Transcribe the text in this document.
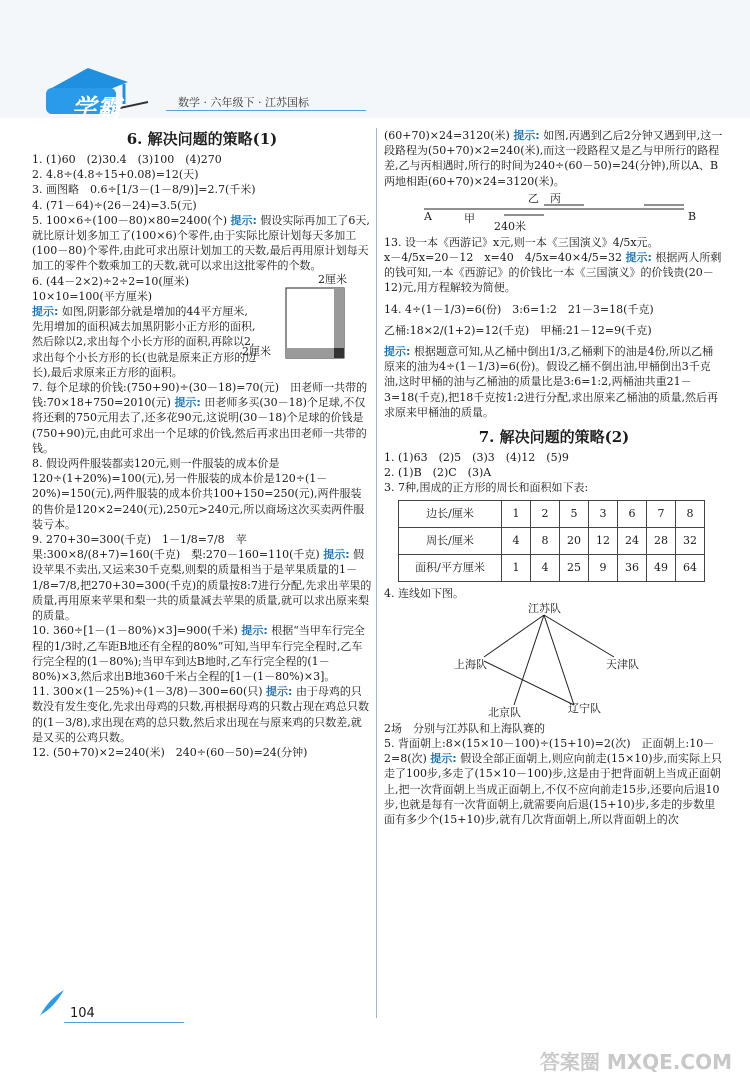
学霸	数学 · 六年级下 · 江苏国标
6. 解决问题的策略(1)
1. (1)60　(2)30.4　(3)100　(4)270
2. 4.8÷(4.8÷15+0.08)=12(天)
3. 画图略　0.6÷[1/3－(1－8/9)]=2.7(千米)
4. (71－64)÷(26－24)=3.5(元)
5. 100×6÷(100－80)×80=2400(个) 提示: 假设实际再加工了6天,就比原计划多加工了(100×6)个零件,由于实际比原计划每天多加工(100－80)个零件,由此可求出原计划加工的天数,最后再用原计划每天加工的零件个数乘加工的天数,就可以求出这批零件的个数。
2厘米
2厘米
6. (44－2×2)÷2÷2=10(厘米)
10×10=100(平方厘米)
提示: 如图,阴影部分就是增加的44平方厘米,先用增加的面积减去加黑阴影小正方形的面积,然后除以2,求出每个小长方形的面积,再除以2,求出每个小长方形的长(也就是原来正方形的边长),最后求原来正方形的面积。
7. 每个足球的价钱:(750+90)÷(30－18)=70(元)　田老师一共带的钱:70×18+750=2010(元) 提示: 田老师多买(30－18)个足球,不仅将还剩的750元用去了,还多花90元,这说明(30－18)个足球的价钱是(750+90)元,由此可求出一个足球的价钱,然后再求出田老师一共带的钱。
8. 假设两件服装都卖120元,则一件服装的成本价是120÷(1+20%)=100(元),另一件服装的成本价是120÷(1－20%)=150(元),两件服装的成本价共100+150=250(元),两件服装的售价是120×2=240(元),250元>240元,所以商场这次买卖两件服装亏本。
9. 270+30=300(千克)　1－1/8=7/8　苹果:300×8/(8+7)=160(千克)　梨:270－160=110(千克) 提示: 假设苹果不卖出,又运来30千克梨,则梨的质量相当于是苹果质量的1－1/8=7/8,把270+30=300(千克)的质量按8:7进行分配,先求出苹果的质量,再用原来苹果和梨一共的质量减去苹果的质量,就可以求出原来梨的质量。
10. 360÷[1－(1－80%)×3]=900(千米) 提示: 根据“当甲车行完全程的1/3时,乙车距B地还有全程的80%”可知,当甲车行完全程时,乙车行完全程的(1－80%);当甲车到达B地时,乙车行完全程的(1－80%)×3,然后求出B地360千米占全程的[1－(1－80%)×3]。
11. 300×(1－25%)÷(1－3/8)－300=60(只) 提示: 由于母鸡的只数没有发生变化,先求出母鸡的只数,再根据母鸡的只数占现在鸡总只数的(1－3/8),求出现在鸡的总只数,然后求出现在与原来鸡的只数差,就是又买的公鸡只数。
12. (50+70)×2=240(米)　240÷(60－50)=24(分钟)
(60+70)×24=3120(米) 提示: 如图,丙遇到乙后2分钟又遇到甲,这一段路程为(50+70)×2=240(米),而这一段路程又是乙与甲所行的路程差,乙与丙相遇时,所行的时间为240÷(60－50)=24(分钟),所以A、B两地相距(60+70)×24=3120(米)。
A
乙 丙
甲	B
240米
13. 设一本《西游记》x元,则一本《三国演义》4/5x元。
x－4/5x=20－12　x=40　4/5x=40×4/5=32 提示: 根据两人所剩的钱可知,一本《西游记》的价钱比一本《三国演义》的价钱贵(20－12)元,用方程解较为简便。
14. 4÷(1－1/3)=6(份)　3:6=1:2　21－3=18(千克)
乙桶:18×2/(1+2)=12(千克)　甲桶:21－12=9(千克)
提示: 根据题意可知,从乙桶中倒出1/3,乙桶剩下的油是4份,所以乙桶原来的油为4÷(1－1/3)=6(份)。假设乙桶不倒出油,甲桶倒出3千克油,这时甲桶的油与乙桶油的质量比是3:6=1:2,两桶油共重21－3=18(千克),把18千克按1:2进行分配,求出原来乙桶油的质量,然后再求原来甲桶油的质量。
7. 解决问题的策略(2)
1. (1)63　(2)5　(3)3　(4)12　(5)9
2. (1)B　(2)C　(3)A
3. 7种,围成的正方形的周长和面积如下表:
边长/厘米	1	2	5	3	6	7	8
周长/厘米	4	8	20	12	24	28	32
面积/平方厘米	1	4	25	9	36	49	64
4. 连线如下图。
江苏队
上海队	天津队
北京队	辽宁队
2场　分别与江苏队和上海队赛的
5. 背面朝上:8×(15×10－100)÷(15+10)=2(次)　正面朝上:10－2=8(次) 提示: 假设全部正面朝上,则应向前走(15×10)步,而实际上只走了100步,多走了(15×10－100)步,这是由于把背面朝上当成正面朝上,把一次背面朝上当成正面朝上,不仅不应向前走15步,还要向后退10步,也就是每有一次背面朝上,就需要向后退(15+10)步,多走的步数里面有多少个(15+10)步,就有几次背面朝上,所以背面朝上的次
104
答案圈 MXQE.COM
